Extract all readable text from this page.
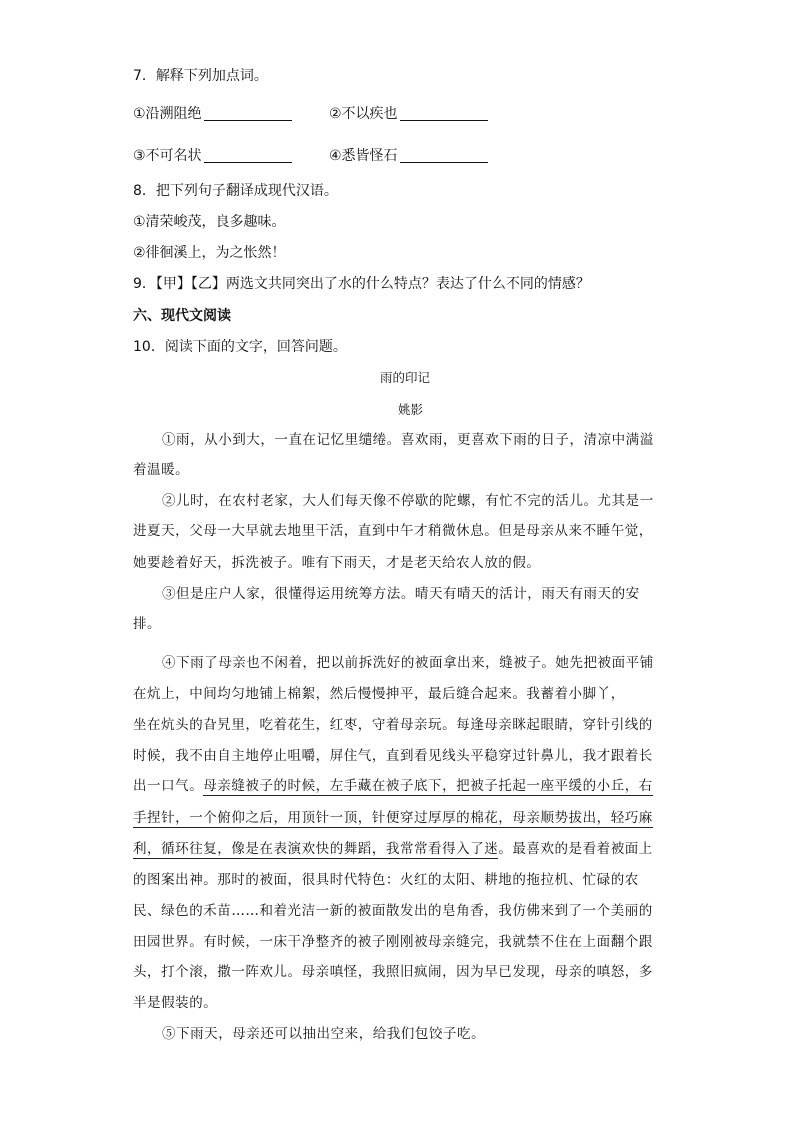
7．解释下列加点词。
①沿溯阻绝	②不以疾也
③不可名状	④悉皆怪石
8．把下列句子翻译成现代汉语。
①清荣峻茂，良多趣味。
②徘徊溪上，为之怅然！
9．【甲】【乙】两选文共同突出了水的什么特点？表达了什么不同的情感？
六、现代文阅读
10．阅读下面的文字，回答问题。
雨的印记
姚影
①雨，从小到大，一直在记忆里缱绻。喜欢雨，更喜欢下雨的日子，清凉中满溢
着温暖。
②儿时，在农村老家，大人们每天像不停歇的陀螺，有忙不完的活儿。尤其是一
进夏天，父母一大早就去地里干活，直到中午才稍微休息。但是母亲从来不睡午觉，
她要趁着好天，拆洗被子。唯有下雨天，才是老天给农人放的假。
③但是庄户人家，很懂得运用统筹方法。晴天有晴天的活计，雨天有雨天的安
排。
④下雨了母亲也不闲着，把以前拆洗好的被面拿出来，缝被子。她先把被面平铺
在炕上，中间均匀地铺上棉絮，然后慢慢抻平，最后缝合起来。我蓄着小脚丫，
坐在炕头的旮旯里，吃着花生，红枣，守着母亲玩。每逢母亲眯起眼睛，穿针引线的
时候，我不由自主地停止咀嚼，屏住气，直到看见线头平稳穿过针鼻儿，我才跟着长
出一口气。母亲缝被子的时候，左手藏在被子底下，把被子托起一座平缓的小丘，右
手捏针，一个俯仰之后，用顶针一顶，针便穿过厚厚的棉花，母亲顺势拔出，轻巧麻
利，循环往复，像是在表演欢快的舞蹈，我常常看得入了迷。最喜欢的是看着被面上
的图案出神。那时的被面，很具时代特色：火红的太阳、耕地的拖拉机、忙碌的农
民、绿色的禾苗……和着光洁一新的被面散发出的皂角香，我仿佛来到了一个美丽的
田园世界。有时候，一床干净整齐的被子刚刚被母亲缝完，我就禁不住在上面翻个跟
头，打个滚，撒一阵欢儿。母亲嗔怪，我照旧疯闹，因为早已发现，母亲的嗔怒，多
半是假装的。
⑤下雨天，母亲还可以抽出空来，给我们包饺子吃。
